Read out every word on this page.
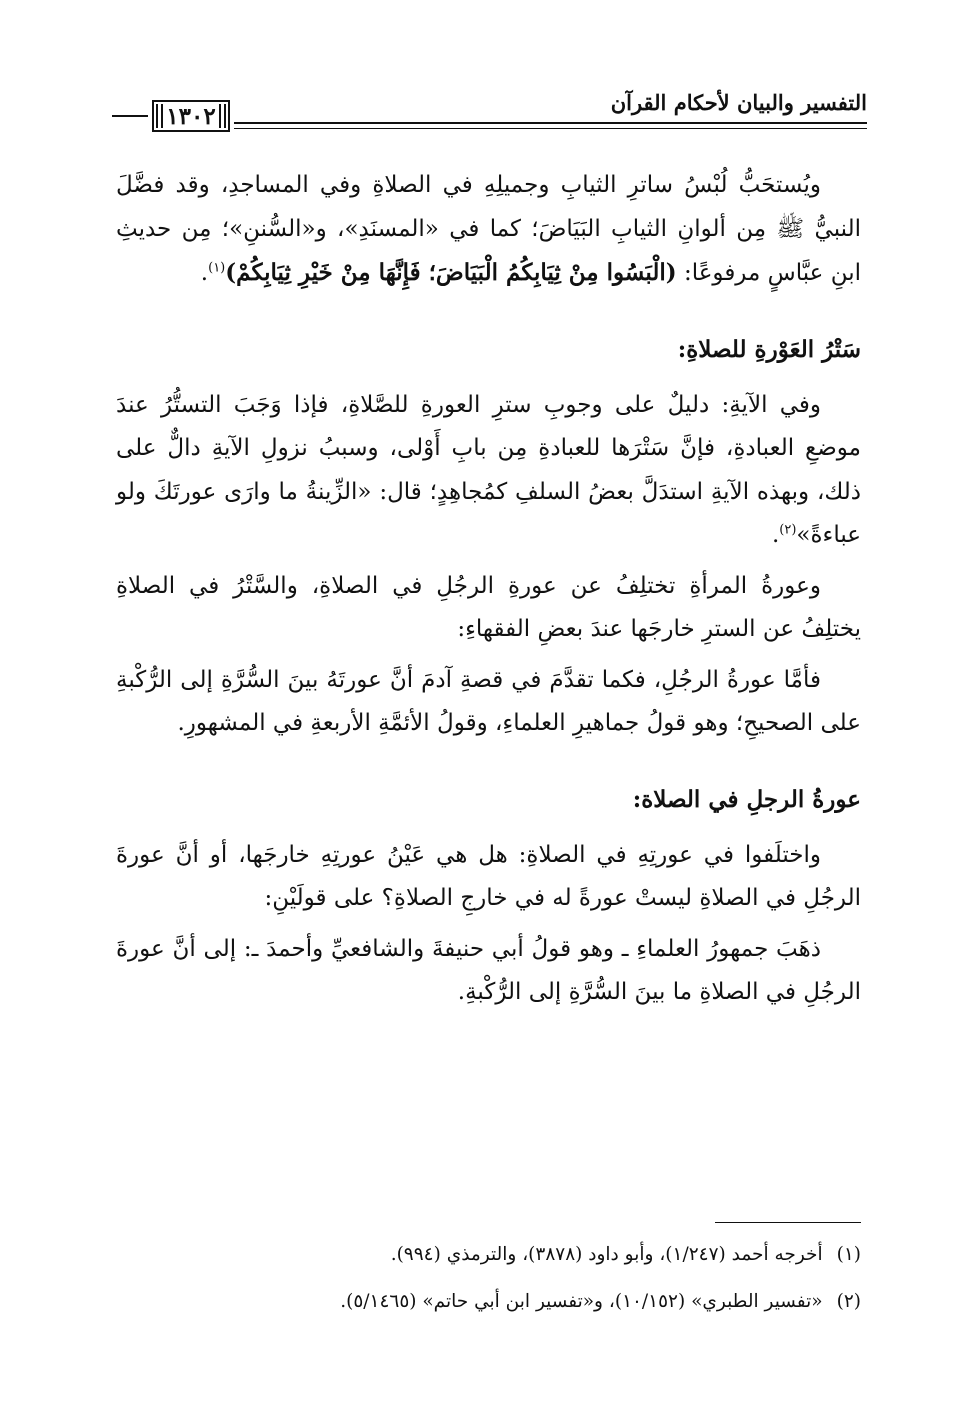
التفسير والبيان لأحكام القرآن
١٣٠٢

ويُستحَبُّ لُبْسُ ساترِ الثيابِ وجميلِهِ في الصلاةِ وفي المساجدِ، وقد فضَّلَ النبيُّ ﷺ مِن ألوانِ الثيابِ البَيَاضَ؛ كما في «المسنَدِ»، و«السُّننِ»؛ مِن حديثِ ابنِ عبَّاسٍ مرفوعًا: (الْبَسُوا مِنْ ثِيَابِكُمُ الْبَيَاضَ؛ فَإِنَّهَا مِنْ خَيْرِ ثِيَابِكُمْ)$^{(١)}$.

سَتْرُ العَوْرةِ للصلاةِ:

وفي الآيةِ: دليلٌ على وجوبِ سترِ العورةِ للصَّلاةِ، فإذا وَجَبَ التستُّرُ عندَ موضعِ العبادةِ، فإنَّ سَتْرَها للعبادةِ مِن بابِ أَوْلى، وسببُ نزولِ الآيةِ دالٌّ على ذلك، وبهذه الآيةِ استدَلَّ بعضُ السلفِ كمُجاهِدٍ؛ قال: «الزِّينةُ ما وارَى عورتَكَ ولو عباءةً»$^{(٢)}$.

وعورةُ المرأةِ تختلِفُ عن عورةِ الرجُلِ في الصلاةِ، والسَّتْرُ في الصلاةِ يختلِفُ عن السترِ خارجَها عندَ بعضِ الفقهاءِ:

فأمَّا عورةُ الرجُلِ، فكما تقدَّمَ في قصةِ آدمَ أنَّ عورتَهُ بينَ السُّرَّةِ إلى الرُّكْبةِ على الصحيحِ؛ وهو قولُ جماهيرِ العلماءِ، وقولُ الأئمَّةِ الأربعةِ في المشهورِ.

عورةُ الرجلِ في الصلاة:

واختلَفوا في عورتِهِ في الصلاةِ: هل هي عَيْنُ عورتِهِ خارجَها، أو أنَّ عورةَ الرجُلِ في الصلاةِ ليستْ عورةً له في خارجِ الصلاةِ؟ على قولَيْنِ:

ذهَبَ جمهورُ العلماءِ ـ وهو قولُ أبي حنيفةَ والشافعيِّ وأحمدَ ـ: إلى أنَّ عورةَ الرجُلِ في الصلاةِ ما بينَ السُّرَّةِ إلى الرُّكْبةِ.

(١)أخرجه أحمد (١/٢٤٧)، وأبو داود (٣٨٧٨)، والترمذي (٩٩٤).
(٢)«تفسير الطبري» (١٠/١٥٢)، و«تفسير ابن أبي حاتم» (٥/١٤٦٥).
